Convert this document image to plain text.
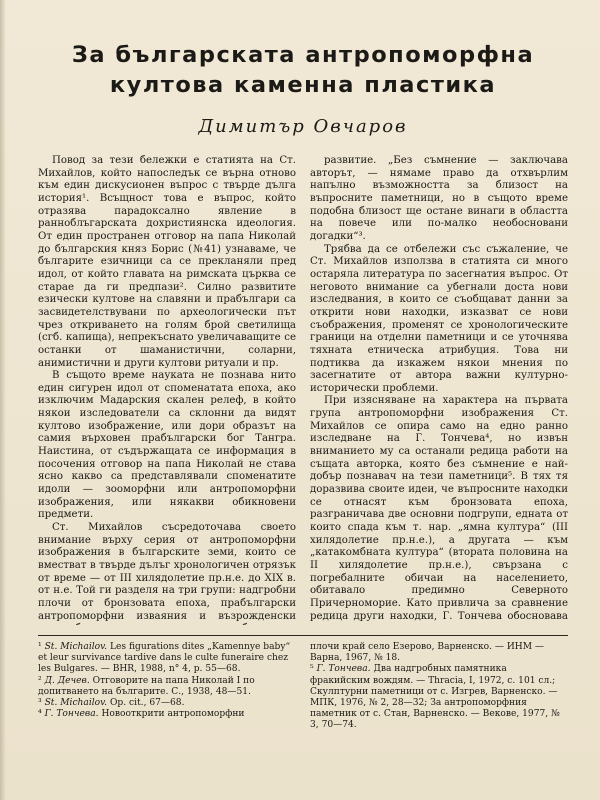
За българската антропоморфна
култова каменна пластика
Димитър Овчаров

Повод за тези бележки е статията на Ст. Михайлов, който напоследък се върна отново към един дискусионен въпрос с твърде дълга история¹. Всъщност това е въпрос, който отразява парадоксално явление в ранноблъгарската дохристиянска идеология. От един пространен отговор на папа Николай до българския княз Борис (№41) узнаваме, че българите езичници са се прекланяли пред идол, от който главата на римската църква се старае да ги предпази². Силно развитите езически култове на славяни и прабългари са засвидетелствувани по археологически път чрез откриването на голям брой светилища (сгб. капища), непрекъснато увеличаващите се останки от шаманистични, соларни, анимистични и други култови ритуали и пр.

В същото време науката не познава нито един сигурен идол от споменатата епоха, ако изключим Мадарския скален релеф, в който някои изследователи са склонни да видят култово изображение, или дори образът на самия върховен прабългарски бог Тангра. Наистина, от съдържащата се информация в посочения отговор на папа Николай не става ясно какво са представлявали споменатите идоли — зооморфни или антропоморфни изображения, или някакви обикновени предмети.

Ст. Михайлов съсредоточава своето внимание върху серия от антропоморфни изображения в българските земи, които се вместват в твърде дълъг хронологичен отрязък от време — от III хилядолетие пр.н.е. до XIX в. от н.е. Той ги разделя на три групи: надгробни плочи от бронзовата епоха, прабългарски антропоморфни изваяния и възрожденски

развитие. „Без съмнение — заключава авторът, — нямаме право да отхвърлим напълно възможността за близост на въпросните паметници, но в същото време подобна близост ще остане винаги в областта на повече или по-малко необосновани догадки“³.

Трябва да се отбележи със съжаление, че Ст. Михайлов използва в статията си много остаряла литература по засегнатия въпрос. От неговото внимание са убегнали доста нови изследвания, в които се съобщават данни за открити нови находки, изказват се нови съображения, променят се хронологическите граници на отделни паметници и се уточнява тяхната етническа атрибуция. Това ни подтиква да изкажем някои мнения по засегнатите от автора важни културно-исторически проблеми.

При изясняване на характера на първата група антропоморфни изображения Ст. Михайлов се опира само на едно ранно изследване на Г. Тончева⁴, но извън вниманието му са останали редица работи на същата авторка, която без съмнение е най-добър познавач на тези паметници⁵. В тях тя доразвива своите идеи, че въпросните находки се отнасят към бронзовата епоха, разграничава две основни подгрупи, едната от които спада към т. нар. „ямна култура“ (III хилядолетие пр.н.е.), а другата — към „катакомбната култура“ (втората половина на II хилядолетие пр.н.е.), свързана с погребалните обичаи на населението, обитавало предимно Северното Причерноморие. Като привлича за сравнение редица други находки, Г. Тончева обосновава

¹ St. Michailov. Les figurations dites „Kamennye baby“ et leur survivance tardive dans le culte funeraire chez les Bulgares. — BHR, 1988, n° 4, p. 55—68.

² Д. Дечев. Отговорите на папа Николай I по допитването на българите. С., 1938, 48—51.

³ St. Michailov. Op. cit., 67—68.

⁴ Г. Тончева. Новооткрити антропоморфни

плочи край село Езерово, Варненско. — ИНМ — Варна, 1967, № 18.

⁵ Г. Тончева. Два надгробных памятника фракийским вождям. — Thracia, I, 1972, с. 101 сл.; Скулптурни паметници от с. Изгрев, Варненско. — МПК, 1976, № 2, 28—32; За антропоморфния паметник от с. Стан, Варненско. — Векове, 1977, № 3, 70—74.
